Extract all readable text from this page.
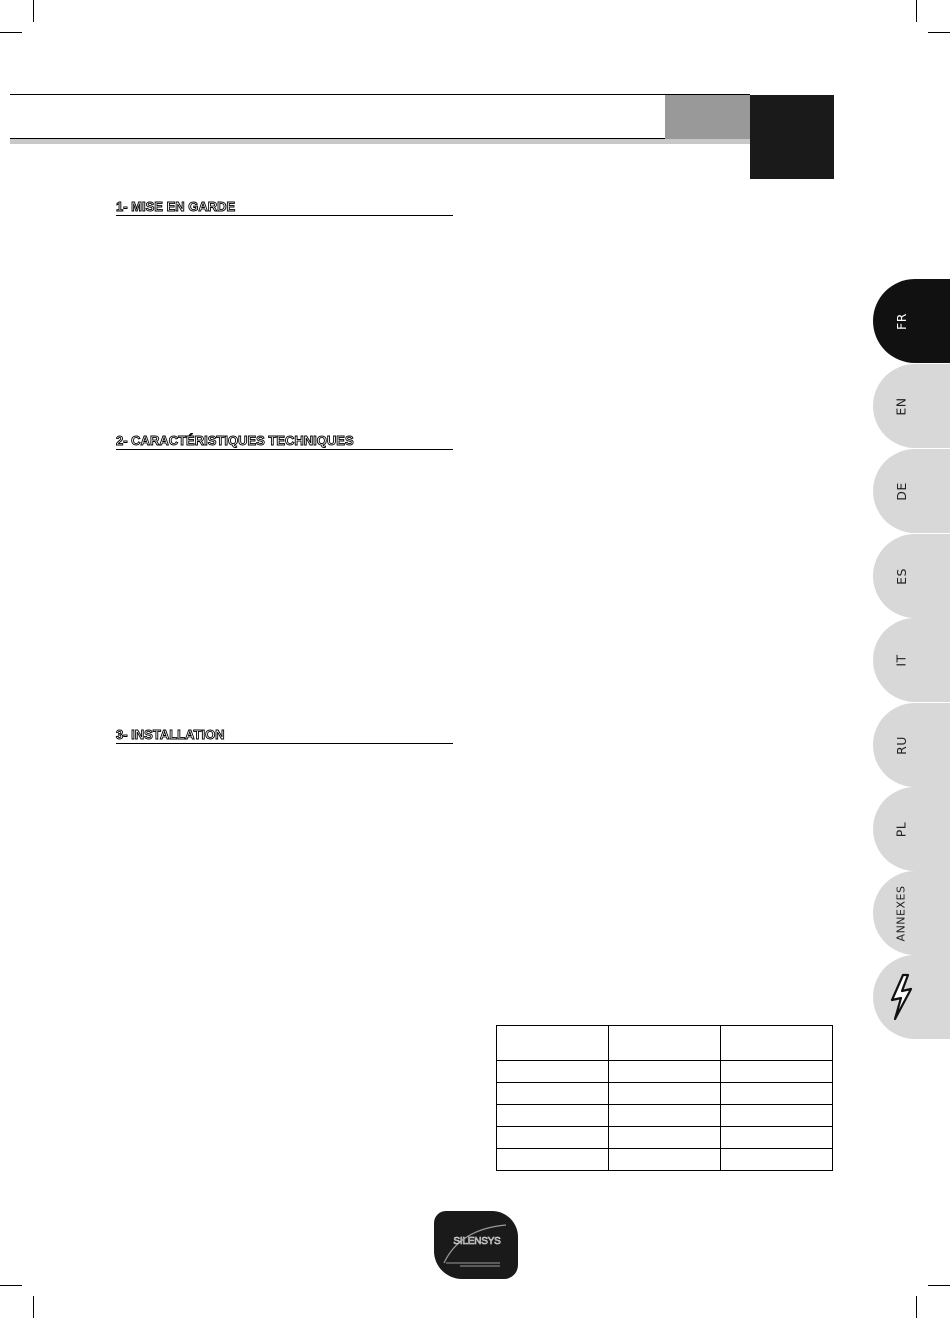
1- MISE EN GARDE
2- CARACTÉRISTIQUES TECHNIQUES
3- INSTALLATION
FR
EN
DE
ES
IT
RU
PL
ANNEXES

SILENSYS
